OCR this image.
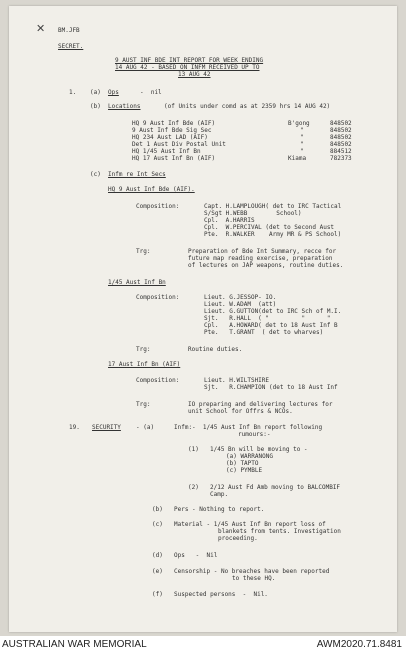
✕ BM.JFB
SECRET.
9 AUST INF BDE INT REPORT FOR WEEK ENDING
14 AUG 42 - BASED ON INFM RECEIVED UP TO
13 AUG 42
1. (a) Ops	-  nil
(b) Locations	(of Units under comd as at 2359 hrs 14 AUG 42)
HQ 9 Aust Inf Bde (AIF)	B'gong	848502
9 Aust Inf Bde Sig Sec	"	848502
HQ 234 Aust LAD (AIF)	"	848502
Det 1 Aust Div Postal Unit	"	848502
HQ 1/45 Aust Inf Bn	"	884512
HQ 17 Aust Inf Bn (AIF)	Kiama	782373
(c) Infm re Int Secs
HQ 9 Aust Inf Bde (AIF).
Composition:	Capt. H.LAMPLOUGH( det to IRC Tactical
S/Sgt H.WEBB        School)
Cpl.  A.HARRIS
Cpl.  W.PERCIVAL (det to Second Aust
Pte.  R.WALKER    Army MR & PS School)
Trg:	Preparation of Bde Int Summary, recce for
future map reading exercise, preparation
of lectures on JAP weapons, routine duties.
1/45 Aust Inf Bn
Composition:	Lieut. G.JESSOP- IO.
Lieut. W.ADAM  (att)
Lieut. G.GUTTON(det to IRC Sch of M.I.
Sjt.   R.HALL  ( "         "      "
Cpl.   A.HOWARD( det to 18 Aust Inf B
Pte.   T.GRANT  ( det to wharves)
Trg:	Routine duties.
17 Aust Inf Bn (AIF)
Composition:	Lieut. H.WILTSHIRE
Sjt.   R.CHAMPION (det to 18 Aust Inf
Trg:	IO preparing and delivering lectures for
unit School for Offrs & NCOs.
19. SECURITY	- (a)	Infm:-  1/45 Aust Inf Bn report following
rumours:-
(1) 1/45 Bn will be moving to -
(a) WARRANONG
(b) TAPTO
(c) PYMBLE
(2) 2/12 Aust Fd Amb moving to BALCOMBIF
Camp.
(b) Pers - Nothing to report.
(c) Material - 1/45 Aust Inf Bn report loss of
blankets from tents. Investigation
proceeding.
(d) Ops   -  Nil
(e) Censorship - No breaches have been reported
to these HQ.
(f) Suspected persons  -  Nil.
AUSTRALIAN WAR MEMORIAL	AWM2020.71.8481
